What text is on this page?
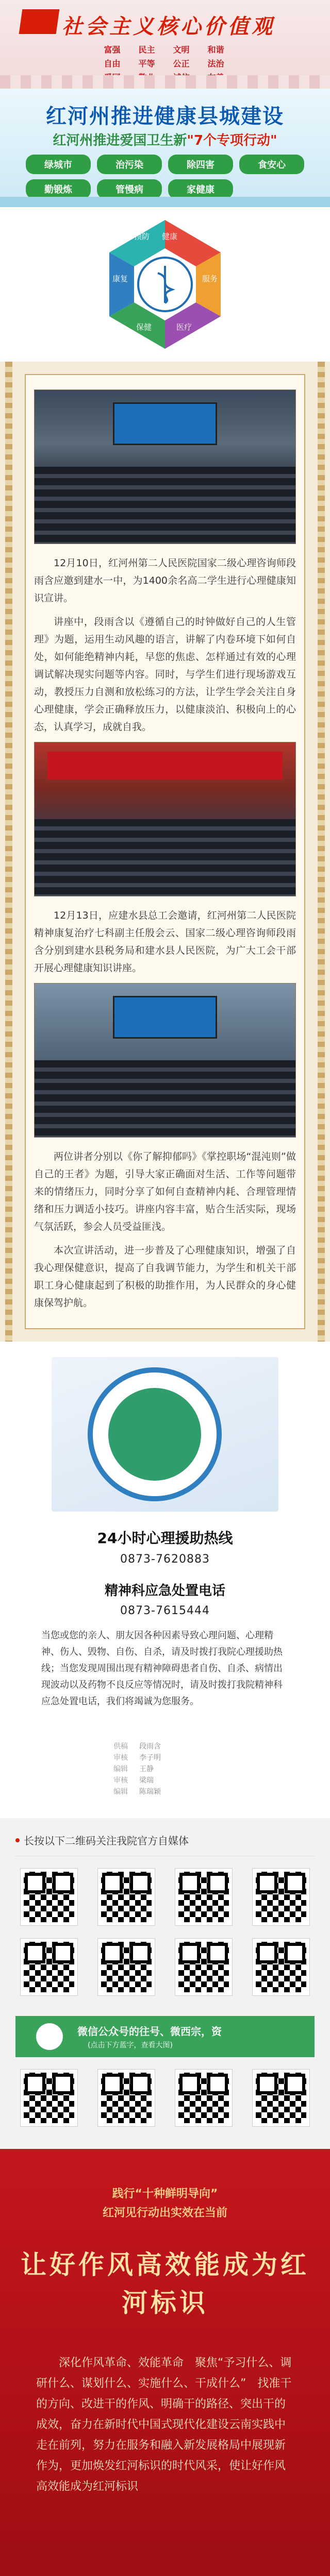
社会主义核心价值观
富强	民主	文明	和谐
自由	平等	公正	法治
红河州推进健康县城建设
红河州推进爱国卫生新"7个专项行动"
绿城市	治污染	除四害	食安心
勤锻炼	管慢病	家健康
健康
服务
医疗
保健
康复
预防

12月10日，红河州第二人民医院国家二级心理咨询师段雨含应邀到建水一中，为1400余名高二学生进行心理健康知识宣讲。

讲座中，段雨含以《遵循自己的时钟做好自己的人生管理》为题，运用生动风趣的语言，讲解了内卷环境下如何自处，如何能绝精神内耗，早您的焦虑、怎样通过有效的心理调试解决现实问题等内容。同时，与学生们进行现场游戏互动，教授压力自测和放松练习的方法，让学生学会关注自身心理健康，学会正确释放压力，以健康淡泊、积极向上的心态，认真学习，成就自我。

12月13日，应建水县总工会邀请，红河州第二人民医院精神康复治疗七科副主任殷会云、国家二级心理咨询师段雨含分别到建水县税务局和建水县人民医院，为广大工会干部开展心理健康知识讲座。

两位讲者分别以《你了解抑郁吗》《掌控职场“混沌则”做自己的王者》为题，引导大家正确面对生活、工作等问题带来的情绪压力，同时分享了如何自查精神内耗、合理管理情绪和压力调适小技巧。讲座内容丰富，贴合生活实际，现场气氛活跃，参会人员受益匪浅。

本次宣讲活动，进一步普及了心理健康知识，增强了自我心理保健意识，提高了自我调节能力，为学生和机关干部职工身心健康起到了积极的助推作用，为人民群众的身心健康保驾护航。

24小时心理援助热线
0873-7620883
精神科应急处置电话
0873-7615444

当您或您的亲人、朋友因各种因素导致心理问题、心理精神、伤人、毁物、自伤、自杀，请及时拨打我院心理援助热线；当您发现周围出现有精神障碍患者自伤、自杀、病情出现波动以及药物不良反应等情况时，请及时拨打我院精神科应急处置电话，我们将竭诚为您服务。

供稿 段雨含
审核 李子明
编辑 王静
审核 梁瑞
编辑 陈瑞颖
长按以下二维码关注我院官方自媒体
微信公众号的往号、微西宗，资
(点击下方蓝字，查看大图)
践行“十种鲜明导向”
红河见行动出实效在当前
让好作风高效能成为红河标识

深化作风革命、效能革命　聚焦“予习什么、调研什么、谋划什么、实施什么、干成什么”　找准干的方向、改进干的作风、明确干的路径、突出干的成效，奋力在新时代中国式现代化建设云南实践中走在前列，努力在服务和融入新发展格局中展现新作为，更加焕发红河标识的时代风采，使让好作风高效能成为红河标识
